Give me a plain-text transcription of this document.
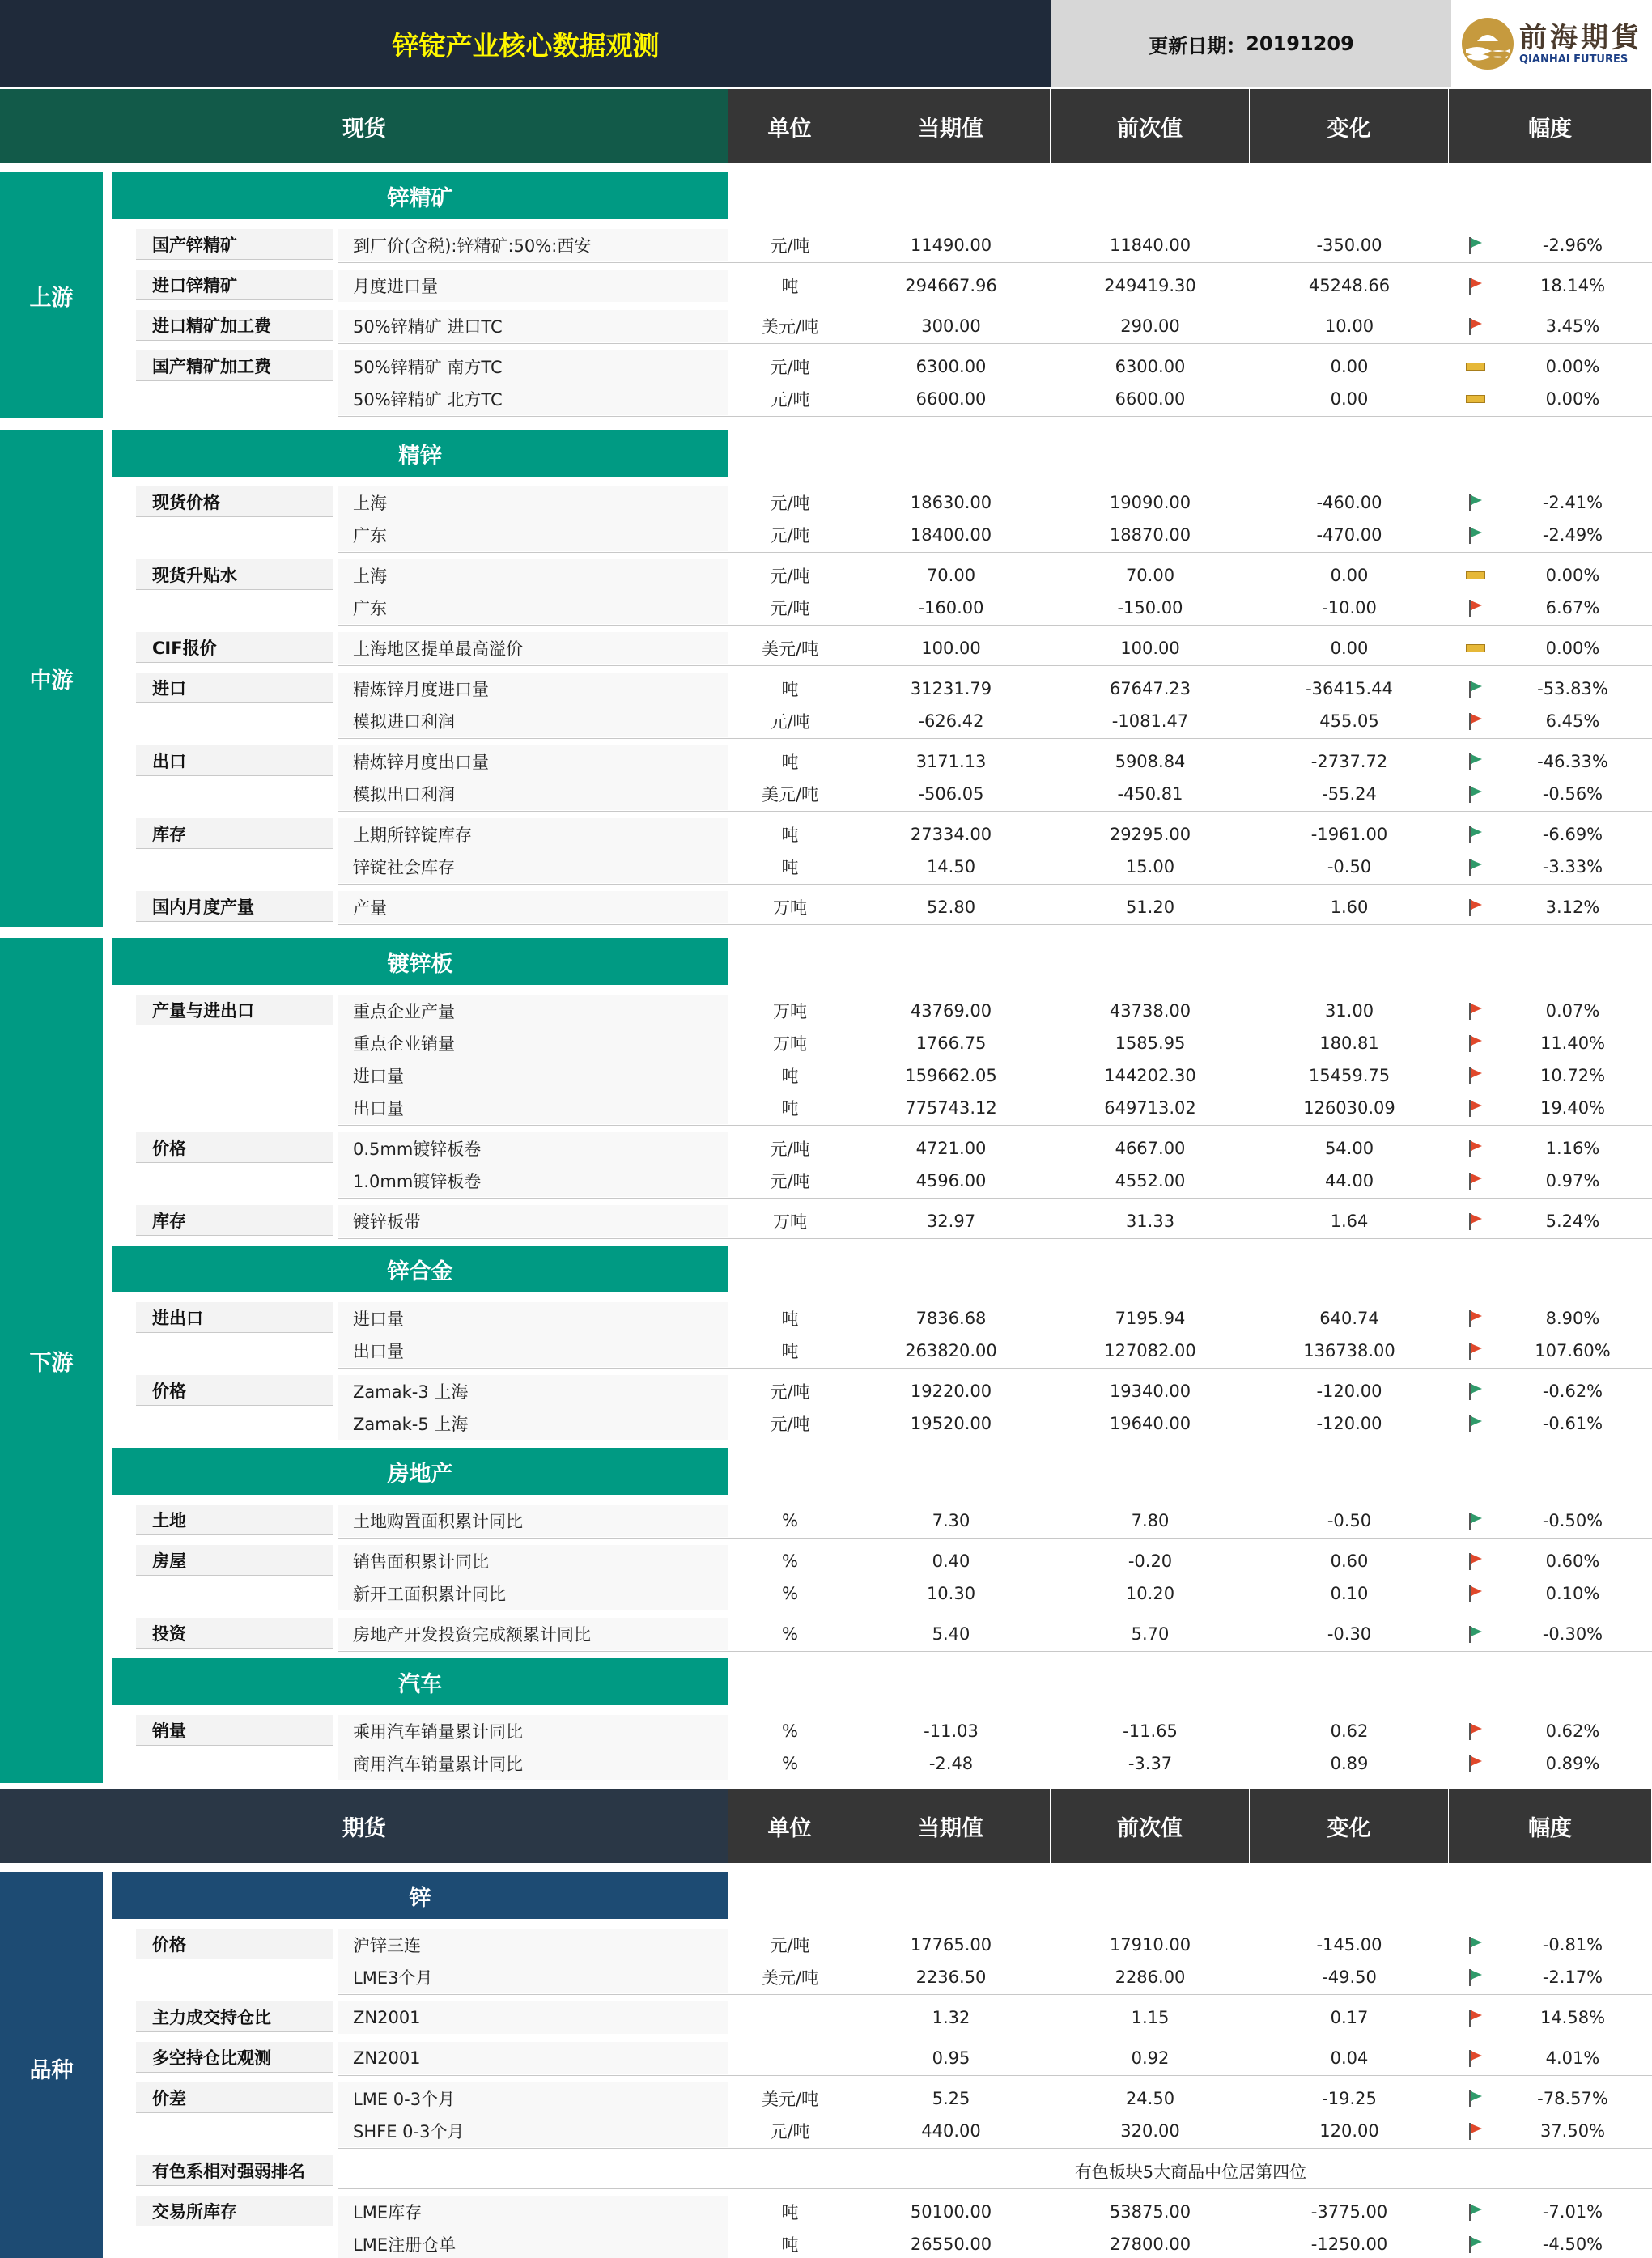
锌锭产业核心数据观测	更新日期： 20191209	前海期貨
QIANHAI FUTURES
现货	单位	当期值	前次值	变化	幅度
锌精矿
国产锌精矿	到厂价(含税):锌精矿:50%:西安	元/吨	11490.00	11840.00	-350.00	-2.96%
进口锌精矿	月度进口量	吨	294667.96	249419.30	45248.66	18.14%
进口精矿加工费	50%锌精矿 进口TC	美元/吨	300.00	290.00	10.00	3.45%
国产精矿加工费	50%锌精矿 南方TC	元/吨	6300.00	6300.00	0.00	0.00%
50%锌精矿 北方TC	元/吨	6600.00	6600.00	0.00	0.00%
上游
精锌
现货价格	上海	元/吨	18630.00	19090.00	-460.00	-2.41%
广东	元/吨	18400.00	18870.00	-470.00	-2.49%
现货升贴水	上海	元/吨	70.00	70.00	0.00	0.00%
广东	元/吨	-160.00	-150.00	-10.00	6.67%
CIF报价	上海地区提单最高溢价	美元/吨	100.00	100.00	0.00	0.00%
进口	精炼锌月度进口量	吨	31231.79	67647.23	-36415.44	-53.83%
模拟进口利润	元/吨	-626.42	-1081.47	455.05	6.45%
出口	精炼锌月度出口量	吨	3171.13	5908.84	-2737.72	-46.33%
模拟出口利润	美元/吨	-506.05	-450.81	-55.24	-0.56%
库存	上期所锌锭库存	吨	27334.00	29295.00	-1961.00	-6.69%
锌锭社会库存	吨	14.50	15.00	-0.50	-3.33%
国内月度产量	产量	万吨	52.80	51.20	1.60	3.12%
中游
镀锌板
产量与进出口	重点企业产量	万吨	43769.00	43738.00	31.00	0.07%
重点企业销量	万吨	1766.75	1585.95	180.81	11.40%
进口量	吨	159662.05	144202.30	15459.75	10.72%
出口量	吨	775743.12	649713.02	126030.09	19.40%
价格	0.5mm镀锌板卷	元/吨	4721.00	4667.00	54.00	1.16%
1.0mm镀锌板卷	元/吨	4596.00	4552.00	44.00	0.97%
库存	镀锌板带	万吨	32.97	31.33	1.64	5.24%
锌合金
进出口	进口量	吨	7836.68	7195.94	640.74	8.90%
出口量	吨	263820.00	127082.00	136738.00	107.60%
价格	Zamak-3 上海	元/吨	19220.00	19340.00	-120.00	-0.62%
Zamak-5 上海	元/吨	19520.00	19640.00	-120.00	-0.61%
房地产
土地	土地购置面积累计同比	%	7.30	7.80	-0.50	-0.50%
房屋	销售面积累计同比	%	0.40	-0.20	0.60	0.60%
新开工面积累计同比	%	10.30	10.20	0.10	0.10%
投资	房地产开发投资完成额累计同比	%	5.40	5.70	-0.30	-0.30%
汽车
销量	乘用汽车销量累计同比	%	-11.03	-11.65	0.62	0.62%
商用汽车销量累计同比	%	-2.48	-3.37	0.89	0.89%
下游
期货	单位	当期值	前次值	变化	幅度
锌
价格	沪锌三连	元/吨	17765.00	17910.00	-145.00	-0.81%
LME3个月	美元/吨	2236.50	2286.00	-49.50	-2.17%
主力成交持仓比	ZN2001	1.32	1.15	0.17	14.58%
多空持仓比观测	ZN2001	0.95	0.92	0.04	4.01%
价差	LME 0-3个月	美元/吨	5.25	24.50	-19.25	-78.57%
SHFE 0-3个月	元/吨	440.00	320.00	120.00	37.50%
有色系相对强弱排名	有色板块5大商品中位居第四位
交易所库存	LME库存	吨	50100.00	53875.00	-3775.00	-7.01%
LME注册仓单	吨	26550.00	27800.00	-1250.00	-4.50%
品种
